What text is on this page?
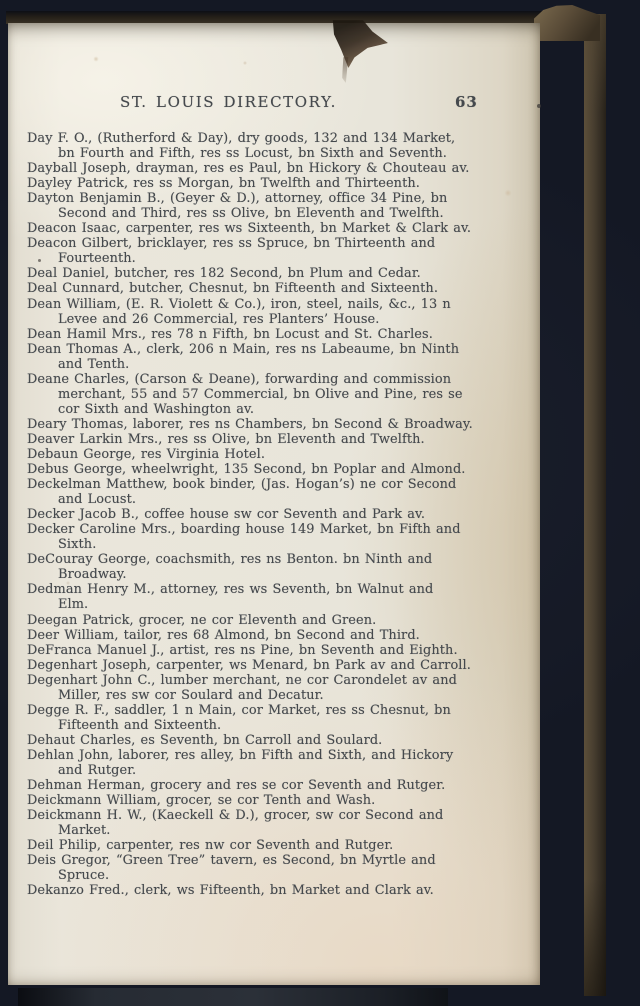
ST. LOUIS DIRECTORY.	63
Day F. O., (Rutherford & Day), dry goods, 132 and 134 Market,
bn Fourth and Fifth, res ss Locust, bn Sixth and Seventh.
Dayball Joseph, drayman, res es Paul, bn Hickory & Chouteau av.
Dayley Patrick, res ss Morgan, bn Twelfth and Thirteenth.
Dayton Benjamin B., (Geyer & D.), attorney, office 34 Pine, bn
Second and Third, res ss Olive, bn Eleventh and Twelfth.
Deacon Isaac, carpenter, res ws Sixteenth, bn Market & Clark av.
Deacon Gilbert, bricklayer, res ss Spruce, bn Thirteenth and
Fourteenth.
Deal Daniel, butcher, res 182 Second, bn Plum and Cedar.
Deal Cunnard, butcher, Chesnut, bn Fifteenth and Sixteenth.
Dean William, (E. R. Violett & Co.), iron, steel, nails, &c., 13 n
Levee and 26 Commercial, res Planters’ House.
Dean Hamil Mrs., res 78 n Fifth, bn Locust and St. Charles.
Dean Thomas A., clerk, 206 n Main, res ns Labeaume, bn Ninth
and Tenth.
Deane Charles, (Carson & Deane), forwarding and commission
merchant, 55 and 57 Commercial, bn Olive and Pine, res se
cor Sixth and Washington av.
Deary Thomas, laborer, res ns Chambers, bn Second & Broadway.
Deaver Larkin Mrs., res ss Olive, bn Eleventh and Twelfth.
Debaun George, res Virginia Hotel.
Debus George, wheelwright, 135 Second, bn Poplar and Almond.
Deckelman Matthew, book binder, (Jas. Hogan’s) ne cor Second
and Locust.
Decker Jacob B., coffee house sw cor Seventh and Park av.
Decker Caroline Mrs., boarding house 149 Market, bn Fifth and
Sixth.
DeCouray George, coachsmith, res ns Benton. bn Ninth and
Broadway.
Dedman Henry M., attorney, res ws Seventh, bn Walnut and
Elm.
Deegan Patrick, grocer, ne cor Eleventh and Green.
Deer William, tailor, res 68 Almond, bn Second and Third.
DeFranca Manuel J., artist, res ns Pine, bn Seventh and Eighth.
Degenhart Joseph, carpenter, ws Menard, bn Park av and Carroll.
Degenhart John C., lumber merchant, ne cor Carondelet av and
Miller, res sw cor Soulard and Decatur.
Degge R. F., saddler, 1 n Main, cor Market, res ss Chesnut, bn
Fifteenth and Sixteenth.
Dehaut Charles, es Seventh, bn Carroll and Soulard.
Dehlan John, laborer, res alley, bn Fifth and Sixth, and Hickory
and Rutger.
Dehman Herman, grocery and res se cor Seventh and Rutger.
Deickmann William, grocer, se cor Tenth and Wash.
Deickmann H. W., (Kaeckell & D.), grocer, sw cor Second and
Market.
Deil Philip, carpenter, res nw cor Seventh and Rutger.
Deis Gregor, “Green Tree” tavern, es Second, bn Myrtle and
Spruce.
Dekanzo Fred., clerk, ws Fifteenth, bn Market and Clark av.
